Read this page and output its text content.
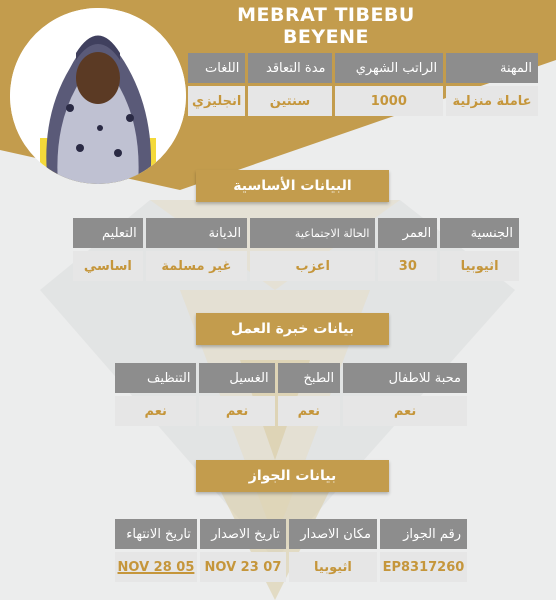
MEBRAT TIBEBU BEYENE
المهنة	الراتب الشهري	مدة التعاقد	اللغات
عاملة منزلية	1000	سنتين	انجليزي
البيانات الأساسية
الجنسية	العمر	الحالة الاجتماعية	الديانة	التعليم
اثيوبيا	30	اعزب	غير مسلمة	اساسي
بيانات خبرة العمل
محبة للاطفال	الطبخ	الغسيل	التنظيف
نعم	نعم	نعم	نعم
بيانات الجواز
رقم الجواز	مكان الاصدار	تاريخ الاصدار	تاريخ الانتهاء
EP8317260	اثيوبيا	NOV 23 07	NOV 28 05
